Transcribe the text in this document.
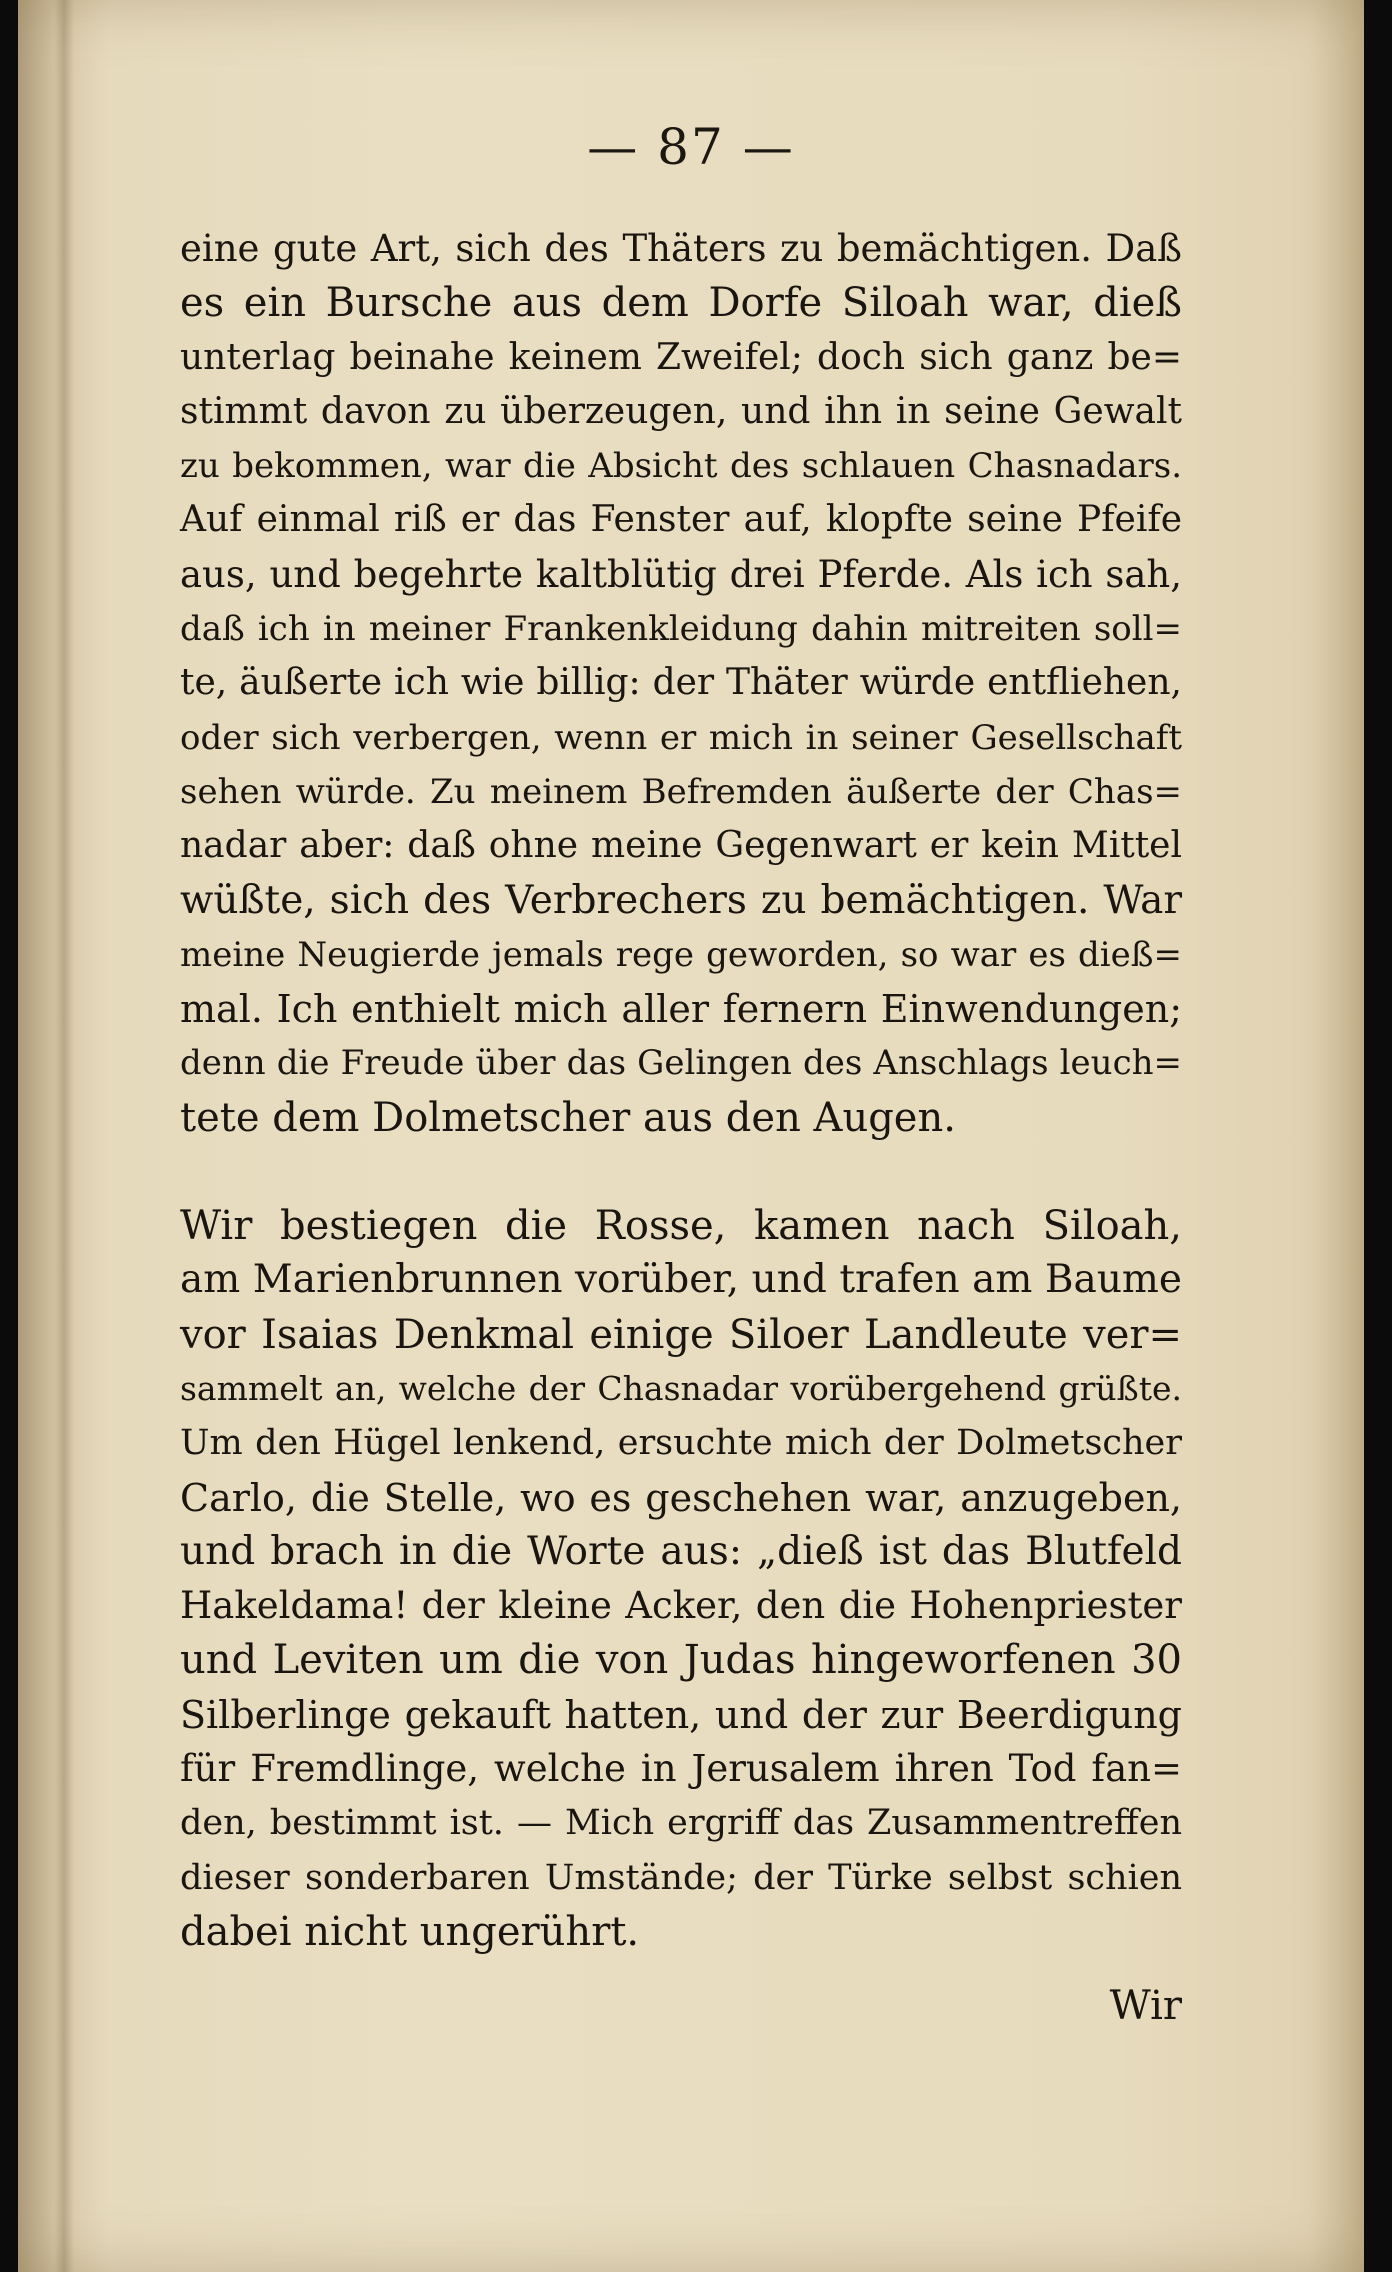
— 87 —
eine gute Art, sich des Thäters zu bemächtigen. Daß
es ein Bursche aus dem Dorfe Siloah war, dieß
unterlag beinahe keinem Zweifel; doch sich ganz be=
stimmt davon zu überzeugen, und ihn in seine Gewalt
zu bekommen, war die Absicht des schlauen Chasnadars.
Auf einmal riß er das Fenster auf, klopfte seine Pfeife
aus, und begehrte kaltblütig drei Pferde. Als ich sah,
daß ich in meiner Frankenkleidung dahin mitreiten soll=
te, äußerte ich wie billig: der Thäter würde entfliehen,
oder sich verbergen, wenn er mich in seiner Gesellschaft
sehen würde. Zu meinem Befremden äußerte der Chas=
nadar aber: daß ohne meine Gegenwart er kein Mittel
wüßte, sich des Verbrechers zu bemächtigen. War
meine Neugierde jemals rege geworden, so war es dieß=
mal. Ich enthielt mich aller fernern Einwendungen;
denn die Freude über das Gelingen des Anschlags leuch=
tete dem Dolmetscher aus den Augen.
Wir bestiegen die Rosse, kamen nach Siloah,
am Marienbrunnen vorüber, und trafen am Baume
vor Isaias Denkmal einige Siloer Landleute ver=
sammelt an, welche der Chasnadar vorübergehend grüßte.
Um den Hügel lenkend, ersuchte mich der Dolmetscher
Carlo, die Stelle, wo es geschehen war, anzugeben,
und brach in die Worte aus: „dieß ist das Blutfeld
Hakeldama! der kleine Acker, den die Hohenpriester
und Leviten um die von Judas hingeworfenen 30
Silberlinge gekauft hatten, und der zur Beerdigung
für Fremdlinge, welche in Jerusalem ihren Tod fan=
den, bestimmt ist. — Mich ergriff das Zusammentreffen
dieser sonderbaren Umstände; der Türke selbst schien
dabei nicht ungerührt.
Wir
